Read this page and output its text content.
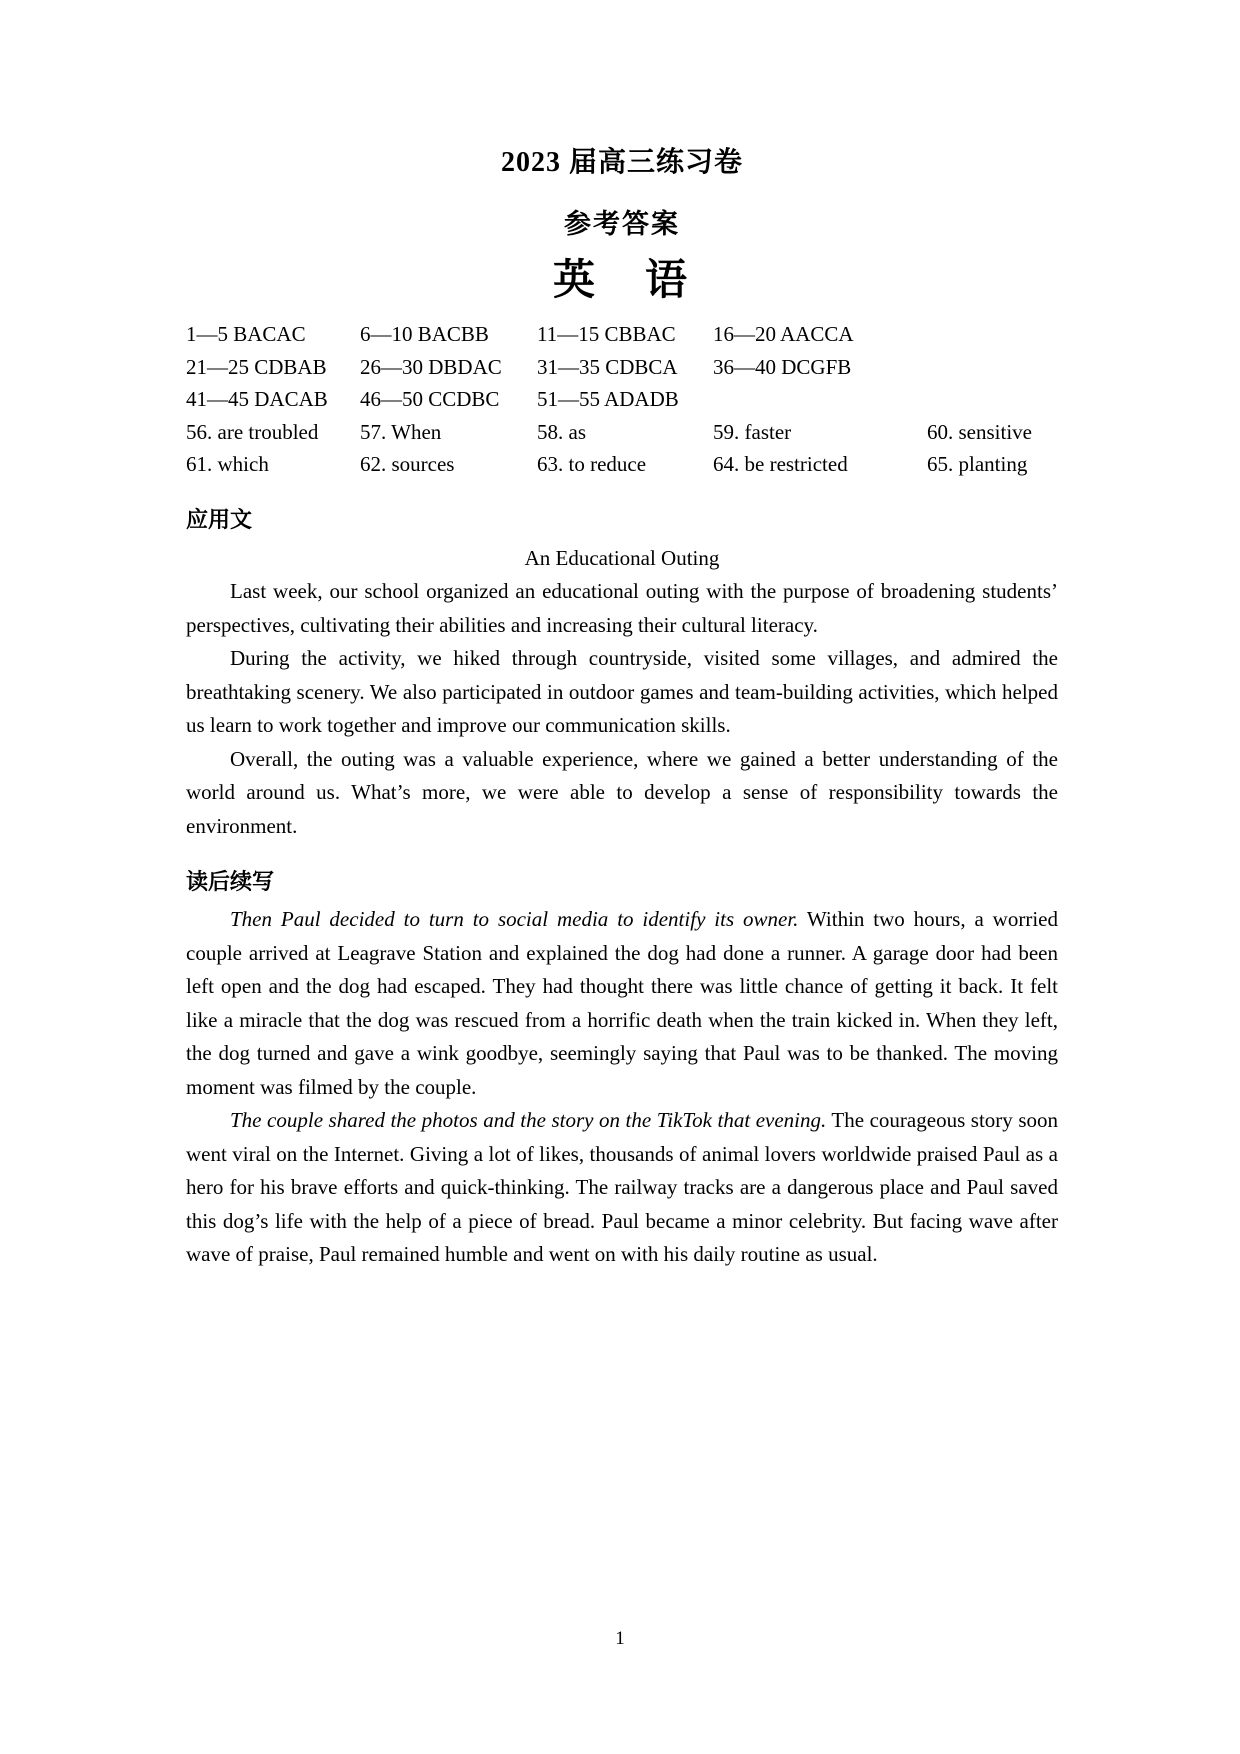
2023 届高三练习卷
参考答案
英　语
1—5 BACAC	6—10 BACBB 11—15 CBBAC 16—20 AACCA
21—25 CDBAB 26—30 DBDAC 31—35 CDBCA 36—40 DCGFB
41—45 DACAB 46—50 CCDBC 51—55 ADADB
56. are troubled 57. When	58. as	59. faster	60. sensitive
61. which	62. sources	63. to reduce	64. be restricted	65. planting
应用文
An Educational Outing

Last week, our school organized an educational outing with the purpose of broadening students’ perspectives, cultivating their abilities and increasing their cultural literacy.

During the activity, we hiked through countryside, visited some villages, and admired the breathtaking scenery. We also participated in outdoor games and team-building activities, which helped us learn to work together and improve our communication skills.

Overall, the outing was a valuable experience, where we gained a better understanding of the world around us. What’s more, we were able to develop a sense of responsibility towards the environment.

读后续写

Then Paul decided to turn to social media to identify its owner. Within two hours, a worried couple arrived at Leagrave Station and explained the dog had done a runner. A garage door had been left open and the dog had escaped. They had thought there was little chance of getting it back. It felt like a miracle that the dog was rescued from a horrific death when the train kicked in. When they left, the dog turned and gave a wink goodbye, seemingly saying that Paul was to be thanked. The moving moment was filmed by the couple.

The couple shared the photos and the story on the TikTok that evening. The courageous story soon went viral on the Internet. Giving a lot of likes, thousands of animal lovers worldwide praised Paul as a hero for his brave efforts and quick-thinking. The railway tracks are a dangerous place and Paul saved this dog’s life with the help of a piece of bread. Paul became a minor celebrity. But facing wave after wave of praise, Paul remained humble and went on with his daily routine as usual.

1
